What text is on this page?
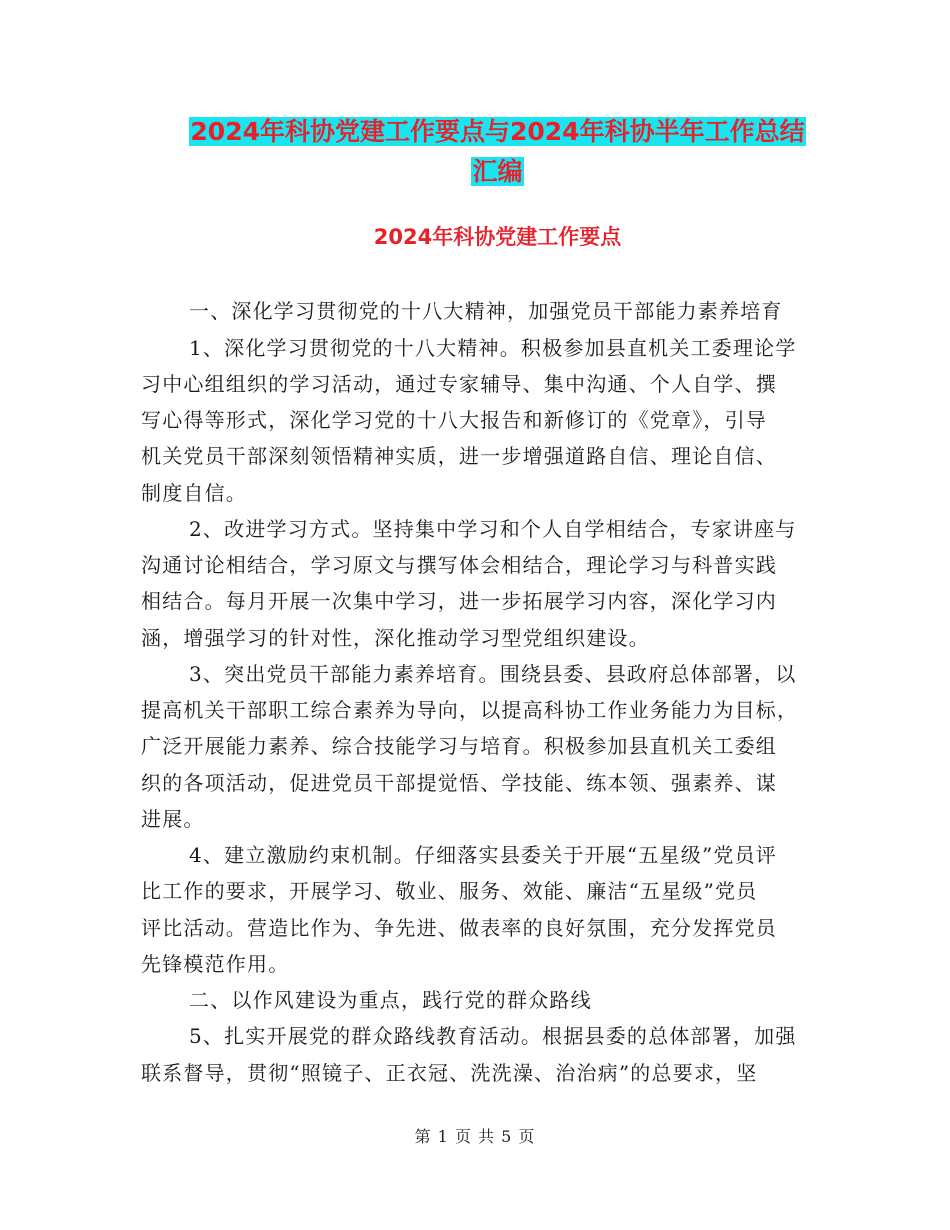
2024年科协党建工作要点与2024年科协半年工作总结
汇编
2024年科协党建工作要点
一、深化学习贯彻党的十八大精神，加强党员干部能力素养培育
1、深化学习贯彻党的十八大精神。积极参加县直机关工委理论学
习中心组组织的学习活动，通过专家辅导、集中沟通、个人自学、撰
写心得等形式，深化学习党的十八大报告和新修订的《党章》，引导
机关党员干部深刻领悟精神实质，进一步增强道路自信、理论自信、
制度自信。
2、改进学习方式。坚持集中学习和个人自学相结合，专家讲座与
沟通讨论相结合，学习原文与撰写体会相结合，理论学习与科普实践
相结合。每月开展一次集中学习，进一步拓展学习内容，深化学习内
涵，增强学习的针对性，深化推动学习型党组织建设。
3、突出党员干部能力素养培育。围绕县委、县政府总体部署，以
提高机关干部职工综合素养为导向，以提高科协工作业务能力为目标，
广泛开展能力素养、综合技能学习与培育。积极参加县直机关工委组
织的各项活动，促进党员干部提觉悟、学技能、练本领、强素养、谋
进展。
4、建立激励约束机制。仔细落实县委关于开展“五星级”党员评
比工作的要求，开展学习、敬业、服务、效能、廉洁“五星级”党员
评比活动。营造比作为、争先进、做表率的良好氛围，充分发挥党员
先锋模范作用。
二、以作风建设为重点，践行党的群众路线
5、扎实开展党的群众路线教育活动。根据县委的总体部署，加强
联系督导，贯彻“照镜子、正衣冠、洗洗澡、治治病”的总要求，坚
第 1 页 共 5 页
